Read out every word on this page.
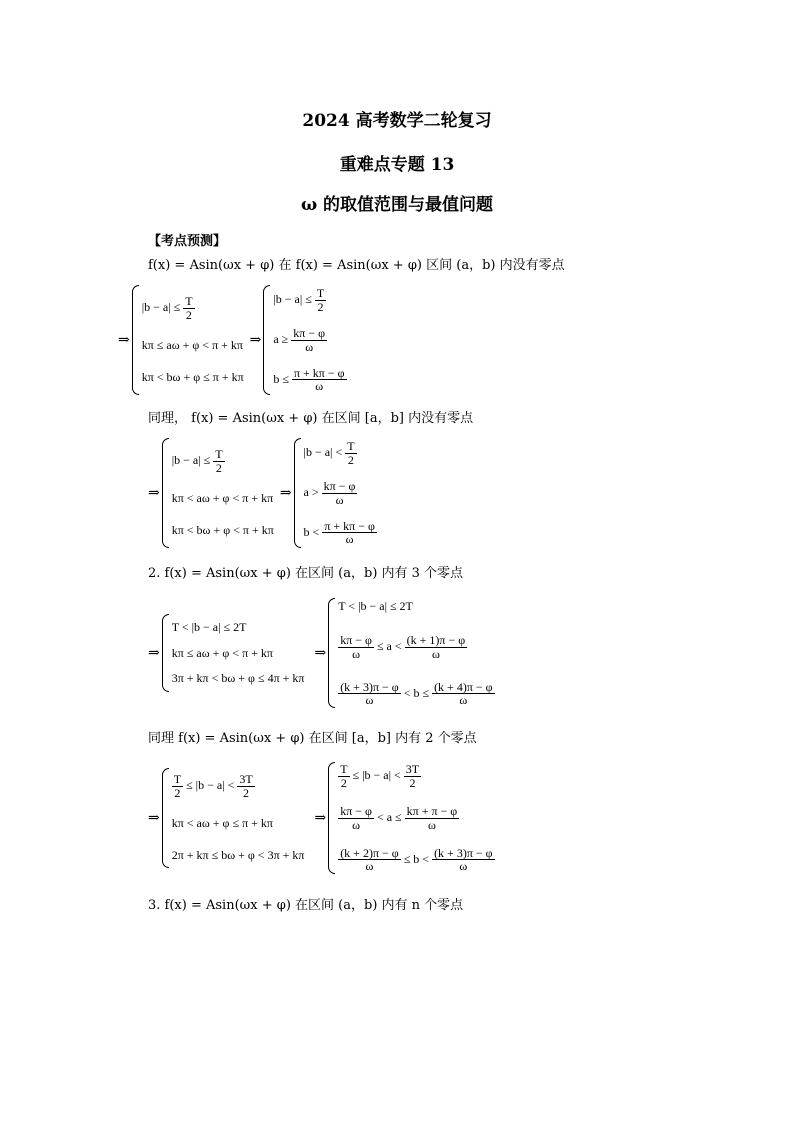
2024 高考数学二轮复习
重难点专题 13
ω 的取值范围与最值问题
【考点预测】
f(x) = Asin(ωx + φ) 在 f(x) = Asin(ωx + φ) 区间 (a，b) 内没有零点
⇒
$|b - a| \le \frac{T}{2}$
kπ ≤ aω + φ < π + kπ
kπ < bω + φ ≤ π + kπ
⇒
$|b - a| \le \frac{T}{2}$
$a \ge \frac{k\pi - \varphi}{\omega}$
$b \le \frac{\pi + k\pi - \varphi}{\omega}$
同理， f(x) = Asin(ωx + φ) 在区间 [a，b] 内没有零点
⇒
$|b - a| \le \frac{T}{2}$
kπ < aω + φ < π + kπ
kπ < bω + φ < π + kπ
⇒
$|b - a| < \frac{T}{2}$
$a > \frac{k\pi - \varphi}{\omega}$
$b < \frac{\pi + k\pi - \varphi}{\omega}$
2. f(x) = Asin(ωx + φ) 在区间 (a，b) 内有 3 个零点
⇒
T < |b − a| ≤ 2T
kπ ≤ aω + φ < π + kπ
3π + kπ < bω + φ ≤ 4π + kπ
⇒
T < |b − a| ≤ 2T
$\frac{k\pi - \varphi}{\omega} \le a < \frac{(k + 1)\pi - \varphi}{\omega}$
$\frac{(k + 3)\pi - \varphi}{\omega} < b \le \frac{(k + 4)\pi - \varphi}{\omega}$
同理 f(x) = Asin(ωx + φ) 在区间 [a，b] 内有 2 个零点
⇒
$\frac{T}{2} \le |b - a| < \frac{3T}{2}$
kπ < aω + φ ≤ π + kπ
2π + kπ ≤ bω + φ < 3π + kπ
⇒
$\frac{T}{2} \le |b - a| < \frac{3T}{2}$
$\frac{k\pi - \varphi}{\omega} < a \le \frac{k\pi + \pi - \varphi}{\omega}$
$\frac{(k + 2)\pi - \varphi}{\omega} \le b < \frac{(k + 3)\pi - \varphi}{\omega}$
3. f(x) = Asin(ωx + φ) 在区间 (a，b) 内有 n 个零点
